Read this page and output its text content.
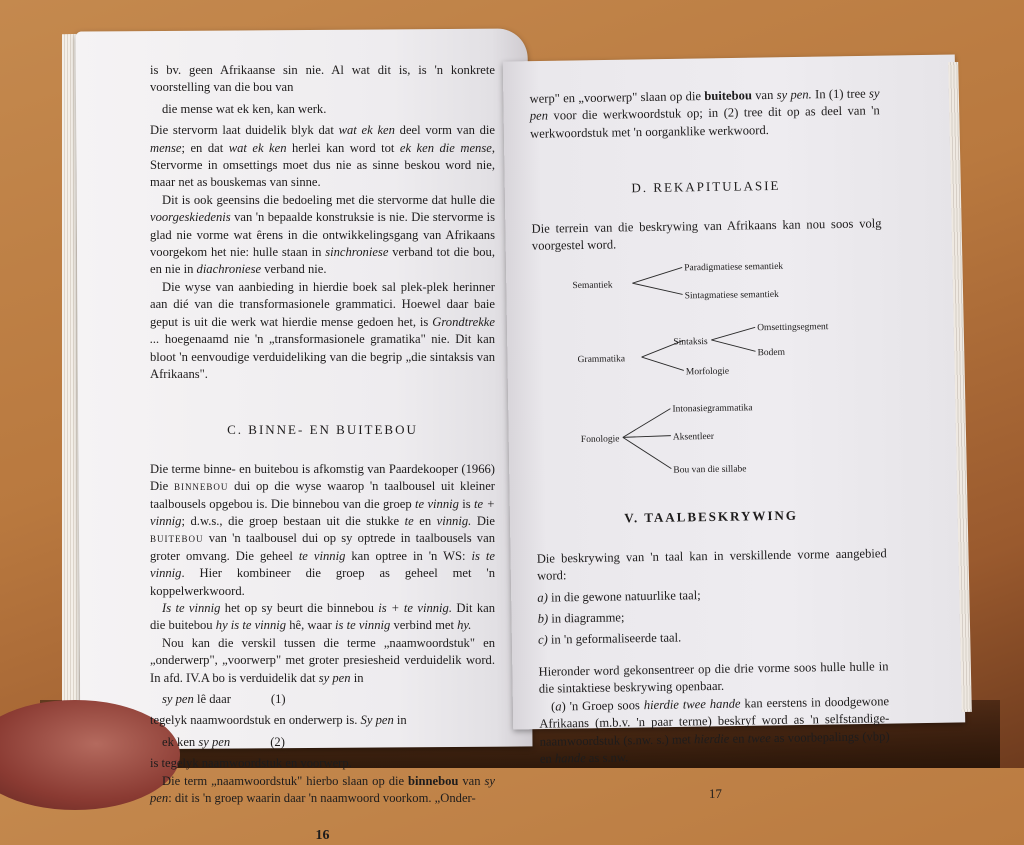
is bv. geen Afrikaanse sin nie. Al wat dit is, is 'n konkrete voorstelling van die bou van

die mense wat ek ken, kan werk.

Die stervorm laat duidelik blyk dat wat ek ken deel vorm van die mense; en dat wat ek ken herlei kan word tot ek ken die mense, Stervorme in omsettings moet dus nie as sinne beskou word nie, maar net as bouskemas van sinne.

Dit is ook geensins die bedoeling met die stervorme dat hulle die voorgeskiedenis van 'n bepaalde konstruksie is nie. Die stervorme is glad nie vorme wat êrens in die ontwikkelingsgang van Afrikaans voorgekom het nie: hulle staan in sinchroniese verband tot die bou, en nie in diachroniese verband nie.

Die wyse van aanbieding in hierdie boek sal plek-plek herinner aan dié van die transformasionele grammatici. Hoewel daar baie geput is uit die werk wat hierdie mense gedoen het, is Grondtrekke ... hoegenaamd nie 'n „transformasionele gramatika" nie. Dit kan bloot 'n eenvoudige verduideliking van die begrip „die sintaksis van Afrikaans".

C. BINNE- EN BUITEBOU

Die terme binne- en buitebou is afkomstig van Paardekooper (1966) Die binnebou dui op die wyse waarop 'n taalbousel uit kleiner taalbousels opgebou is. Die binnebou van die groep te vinnig is te + vinnig; d.w.s., die groep bestaan uit die stukke te en vinnig. Die buitebou van 'n taalbousel dui op sy optrede in taalbousels van groter omvang. Die geheel te vinnig kan optree in 'n WS: is te vinnig. Hier kombineer die groep as geheel met 'n koppelwerkwoord.

Is te vinnig het op sy beurt die binnebou is + te vinnig. Dit kan die buitebou hy is te vinnig hê, waar is te vinnig verbind met hy.

Nou kan die verskil tussen die terme „naamwoordstuk" en „onderwerp", „voorwerp" met groter presiesheid verduidelik word. In afd. IV.A bo is verduidelik dat sy pen in

sy pen lê daar	(1)

tegelyk naamwoordstuk en onderwerp is. Sy pen in

ek ken sy pen	(2)

is tegelyk naamwoordstuk en voorwerp.

Die term „naamwoordstuk" hierbo slaan op die binnebou van sy pen: dit is 'n groep waarin daar 'n naamwoord voorkom. „Onder-

16

werp" en „voorwerp" slaan op die buitebou van sy pen. In (1) tree sy pen voor die werkwoordstuk op; in (2) tree dit op as deel van 'n werkwoordstuk met 'n oorganklike werkwoord.

D. REKAPITULASIE

Die terrein van die beskrywing van Afrikaans kan nou soos volg voorgestel word.

Semantiek
Paradigmatiese semantiek
Sintagmatiese semantiek
Grammatika
Sintaksis
Morfologie
Omsettingsegment
Bodem
Fonologie
Intonasiegrammatika
Aksentleer
Bou van die sillabe

V. TAALBESKRYWING

Die beskrywing van 'n taal kan in verskillende vorme aangebied word:

a) in die gewone natuurlike taal;

b) in diagramme;

c) in 'n geformaliseerde taal.

Hieronder word gekonsentreer op die drie vorme soos hulle hulle in die sintaktiese beskrywing openbaar.

(a) 'n Groep soos hierdie twee hande kan eerstens in doodgewone Afrikaans (m.b.v. 'n paar terme) beskryf word as 'n selfstandige-naamwoordstuk (s.nw. s.) met hierdie en twee as voorbepalings (vbp) en hande as s.nw.

17
